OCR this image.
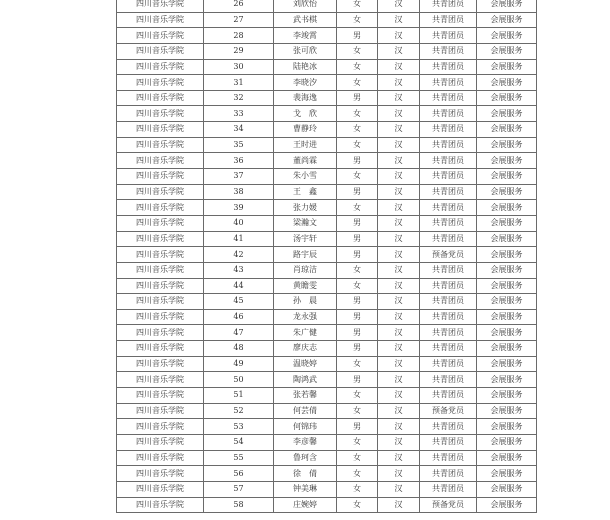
四川音乐学院	26	刘欣怡	女	汉	共青团员	会展服务
四川音乐学院	27	武书棋	女	汉	共青团员	会展服务
四川音乐学院	28	李竣霄	男	汉	共青团员	会展服务
四川音乐学院	29	张可欣	女	汉	共青团员	会展服务
四川音乐学院	30	陆艳冰	女	汉	共青团员	会展服务
四川音乐学院	31	李晓汐	女	汉	共青团员	会展服务
四川音乐学院	32	裴海逸	男	汉	共青团员	会展服务
四川音乐学院	33	戈　欣	女	汉	共青团员	会展服务
四川音乐学院	34	曹静玲	女	汉	共青团员	会展服务
四川音乐学院	35	王时进	女	汉	共青团员	会展服务
四川音乐学院	36	董尚霖	男	汉	共青团员	会展服务
四川音乐学院	37	朱小雪	女	汉	共青团员	会展服务
四川音乐学院	38	王　鑫	男	汉	共青团员	会展服务
四川音乐学院	39	张力媛	女	汉	共青团员	会展服务
四川音乐学院	40	梁瀚文	男	汉	共青团员	会展服务
四川音乐学院	41	汤宇轩	男	汉	共青团员	会展服务
四川音乐学院	42	路宇辰	男	汉	预备党员	会展服务
四川音乐学院	43	肖琼洁	女	汉	共青团员	会展服务
四川音乐学院	44	黄瞻雯	女	汉	共青团员	会展服务
四川音乐学院	45	孙　晨	男	汉	共青团员	会展服务
四川音乐学院	46	龙永强	男	汉	共青团员	会展服务
四川音乐学院	47	朱广健	男	汉	共青团员	会展服务
四川音乐学院	48	廖庆志	男	汉	共青团员	会展服务
四川音乐学院	49	温晓婷	女	汉	共青团员	会展服务
四川音乐学院	50	陶鸿武	男	汉	共青团员	会展服务
四川音乐学院	51	张若馨	女	汉	共青团员	会展服务
四川音乐学院	52	何芸倩	女	汉	预备党员	会展服务
四川音乐学院	53	何锦玮	男	汉	共青团员	会展服务
四川音乐学院	54	李彦馨	女	汉	共青团员	会展服务
四川音乐学院	55	鲁珂含	女	汉	共青团员	会展服务
四川音乐学院	56	徐　倩	女	汉	共青团员	会展服务
四川音乐学院	57	钟美琳	女	汉	共青团员	会展服务
四川音乐学院	58	庄婉婷	女	汉	预备党员	会展服务
